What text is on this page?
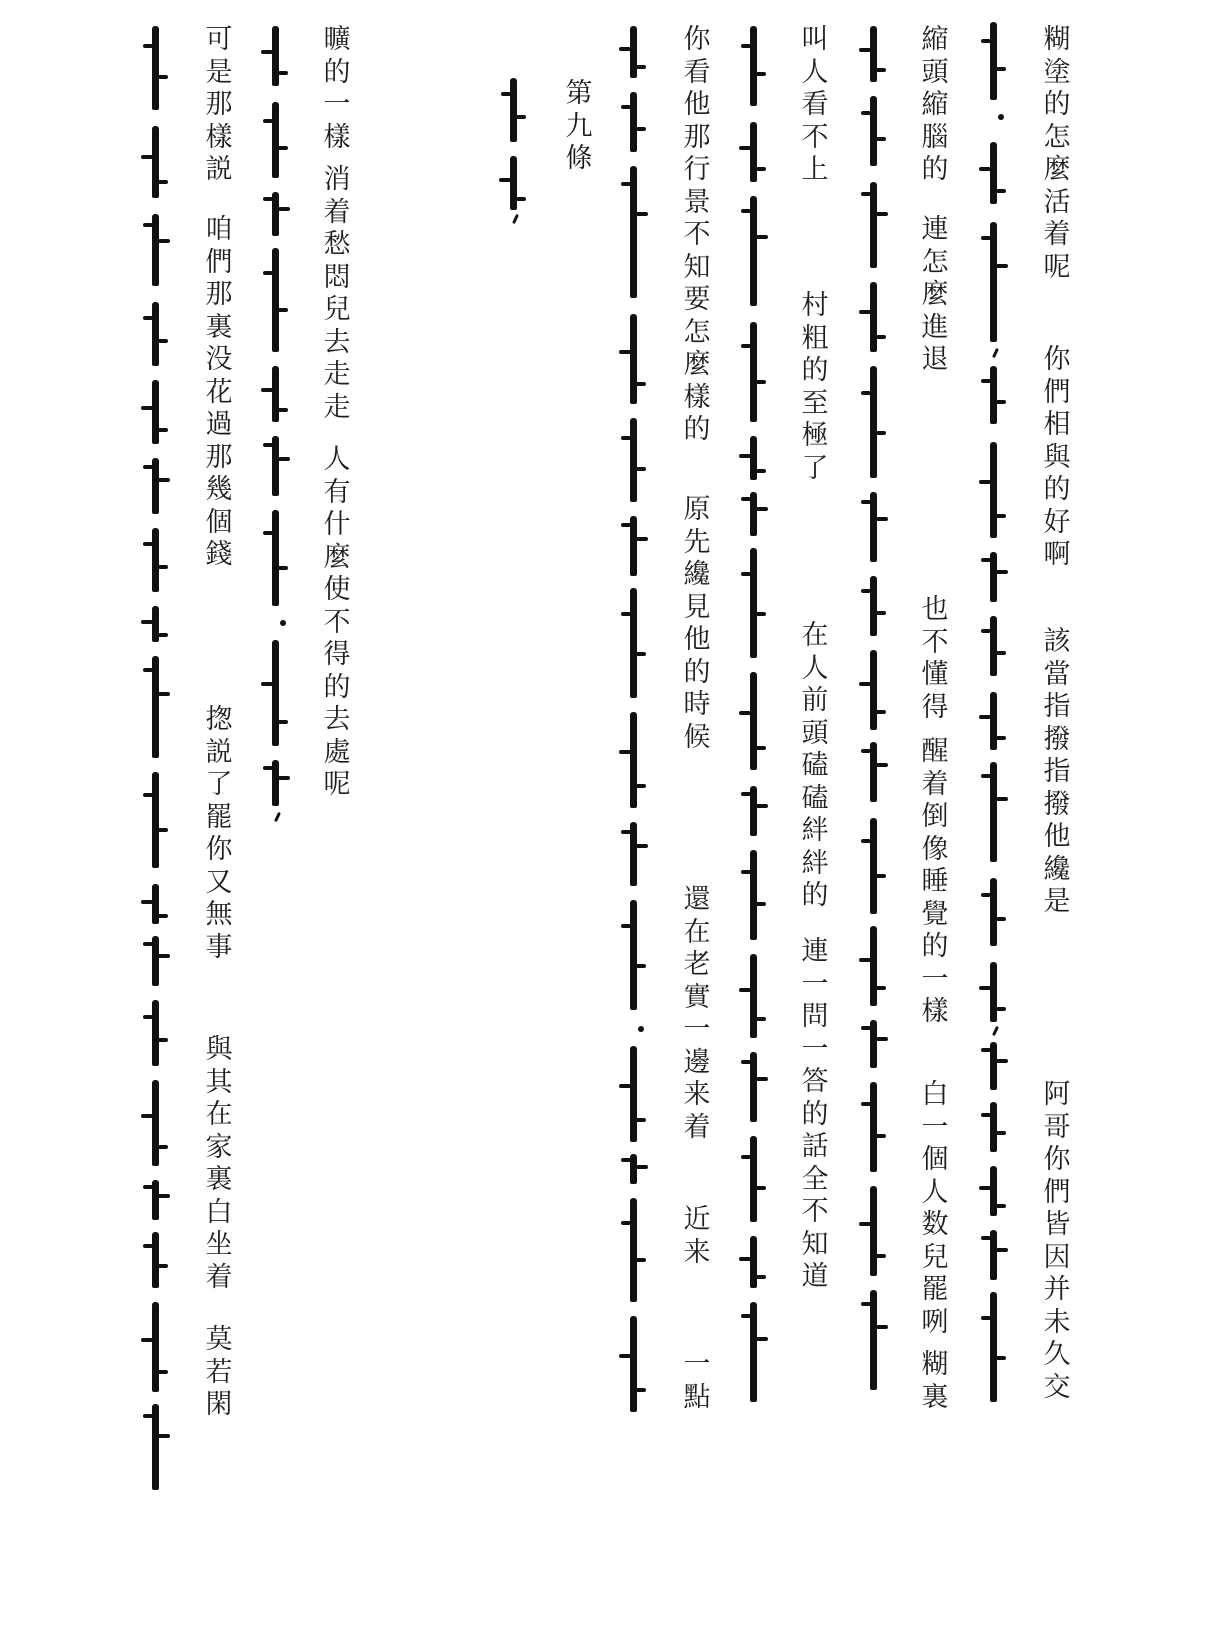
糊塗的怎麼活着呢
你們相與的好啊
該當指撥指撥他纔是
阿哥你們皆因并未久交
縮頭縮腦的
連怎麼進退
也不懂得
醒着倒像睡覺的一樣
白一個人数兒罷咧
糊裏
叫人看不上
村粗的至極了
在人前頭磕磕絆絆的
連一問一答的話全不知道
你看他那行景不知要怎麼樣的
原先纔見他的時候
還在老實一邊来着
近来
一點
第九條
曠的一樣
消着愁悶兒去走走
人有什麼使不得的去處呢
可是那樣説
咱們那裏没花過那幾個錢
揔説了罷你又無事
與其在家裏白坐着
莫若閑
